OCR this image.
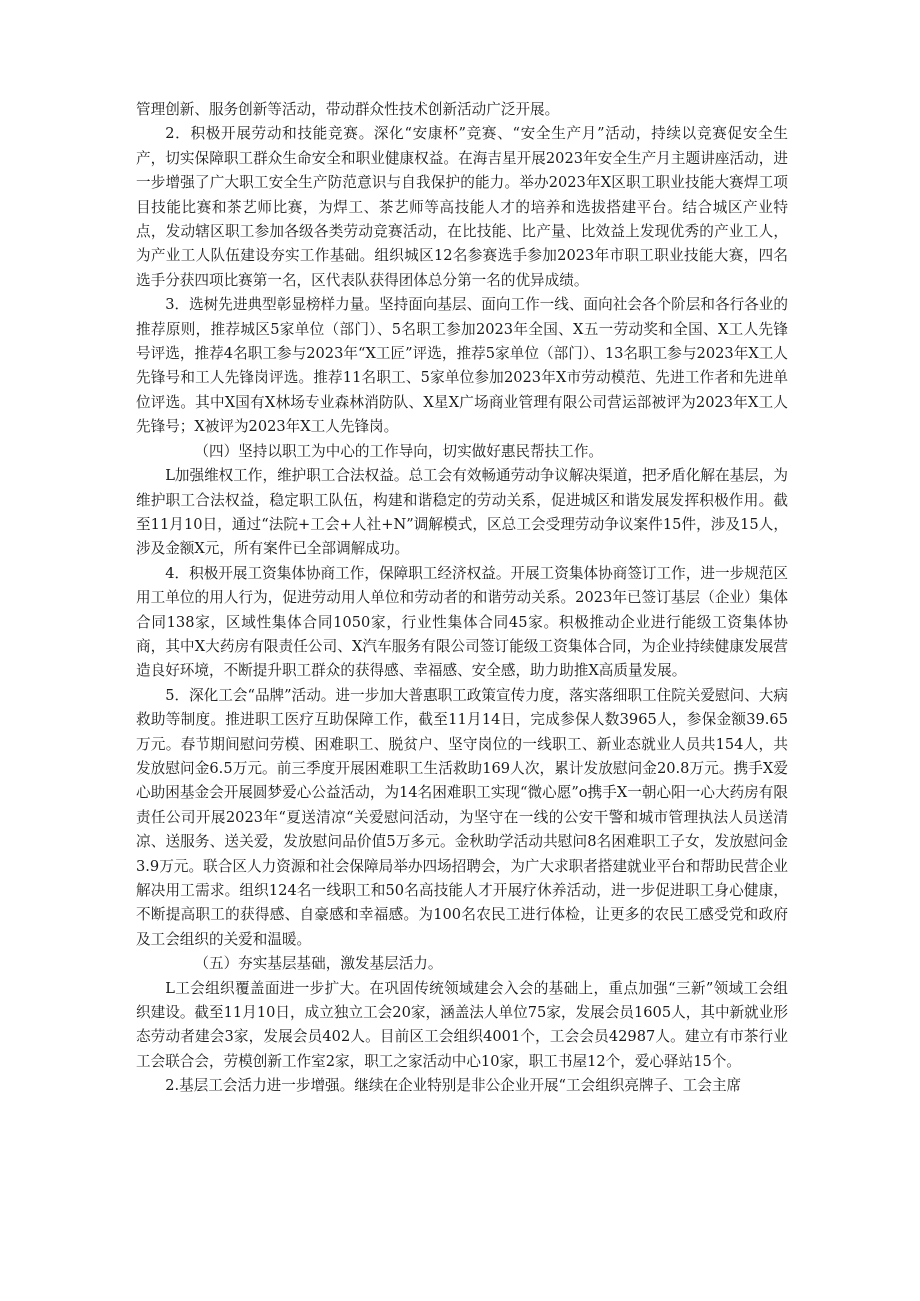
管理创新、服务创新等活动，带动群众性技术创新活动广泛开展。

2．积极开展劳动和技能竞赛。深化“安康杯”竞赛、“安全生产月”活动，持续以竞赛促安全生产，切实保障职工群众生命安全和职业健康权益。在海吉星开展2023年安全生产月主题讲座活动，进一步增强了广大职工安全生产防范意识与自我保护的能力。举办2023年X区职工职业技能大赛焊工项目技能比赛和茶艺师比赛，为焊工、茶艺师等高技能人才的培养和选拔搭建平台。结合城区产业特点，发动辖区职工参加各级各类劳动竞赛活动，在比技能、比产量、比效益上发现优秀的产业工人，为产业工人队伍建设夯实工作基础。组织城区12名参赛选手参加2023年市职工职业技能大赛，四名选手分获四项比赛第一名，区代表队获得团体总分第一名的优异成绩。

3．选树先进典型彰显榜样力量。坚持面向基层、面向工作一线、面向社会各个阶层和各行各业的推荐原则，推荐城区5家单位（部门）、5名职工参加2023年全国、X五一劳动奖和全国、X工人先锋号评选，推荐4名职工参与2023年“X工匠”评选，推荐5家单位（部门）、13名职工参与2023年X工人先锋号和工人先锋岗评选。推荐11名职工、5家单位参加2023年X市劳动模范、先进工作者和先进单位评选。其中X国有X林场专业森林消防队、X星X广场商业管理有限公司营运部被评为2023年X工人先锋号；X被评为2023年X工人先锋岗。

（四）坚持以职工为中心的工作导向，切实做好惠民帮扶工作。

L加强维权工作，维护职工合法权益。总工会有效畅通劳动争议解决渠道，把矛盾化解在基层，为维护职工合法权益，稳定职工队伍，构建和谐稳定的劳动关系，促进城区和谐发展发挥积极作用。截至11月10日，通过“法院+工会+人社+N”调解模式，区总工会受理劳动争议案件15件，涉及15人，涉及金额X元，所有案件已全部调解成功。

4．积极开展工资集体协商工作，保障职工经济权益。开展工资集体协商签订工作，进一步规范区用工单位的用人行为，促进劳动用人单位和劳动者的和谐劳动关系。2023年已签订基层（企业）集体合同138家，区域性集体合同1050家，行业性集体合同45家。积极推动企业进行能级工资集体协商，其中X大药房有限责任公司、X汽车服务有限公司签订能级工资集体合同，为企业持续健康发展营造良好环境，不断提升职工群众的获得感、幸福感、安全感，助力助推X高质量发展。

5．深化工会“品牌”活动。进一步加大普惠职工政策宣传力度，落实落细职工住院关爱慰问、大病救助等制度。推进职工医疗互助保障工作，截至11月14日，完成参保人数3965人，参保金额39.65万元。春节期间慰问劳模、困难职工、脱贫户、坚守岗位的一线职工、新业态就业人员共154人，共发放慰问金6.5万元。前三季度开展困难职工生活救助169人次，累计发放慰问金20.8万元。携手X爱心助困基金会开展圆梦爱心公益活动，为14名困难职工实现“微心愿”o携手X一朝心阳一心大药房有限责任公司开展2023年“夏送清凉“关爱慰问活动，为坚守在一线的公安干警和城市管理执法人员送清凉、送服务、送关爱，发放慰问品价值5万多元。金秋助学活动共慰问8名困难职工子女，发放慰问金3.9万元。联合区人力资源和社会保障局举办四场招聘会，为广大求职者搭建就业平台和帮助民营企业解决用工需求。组织124名一线职工和50名高技能人才开展疗休养活动，进一步促进职工身心健康，不断提高职工的获得感、自豪感和幸福感。为100名农民工进行体检，让更多的农民工感受党和政府及工会组织的关爱和温暖。

（五）夯实基层基础，激发基层活力。

L工会组织覆盖面进一步扩大。在巩固传统领域建会入会的基础上，重点加强“三新”领域工会组织建设。截至11月10日，成立独立工会20家，涵盖法人单位75家，发展会员1605人，其中新就业形态劳动者建会3家，发展会员402人。目前区工会组织4001个，工会会员42987人。建立有市茶行业工会联合会，劳模创新工作室2家，职工之家活动中心10家，职工书屋12个，爱心驿站15个。

2.基层工会活力进一步增强。继续在企业特别是非公企业开展“工会组织亮牌子、工会主席
